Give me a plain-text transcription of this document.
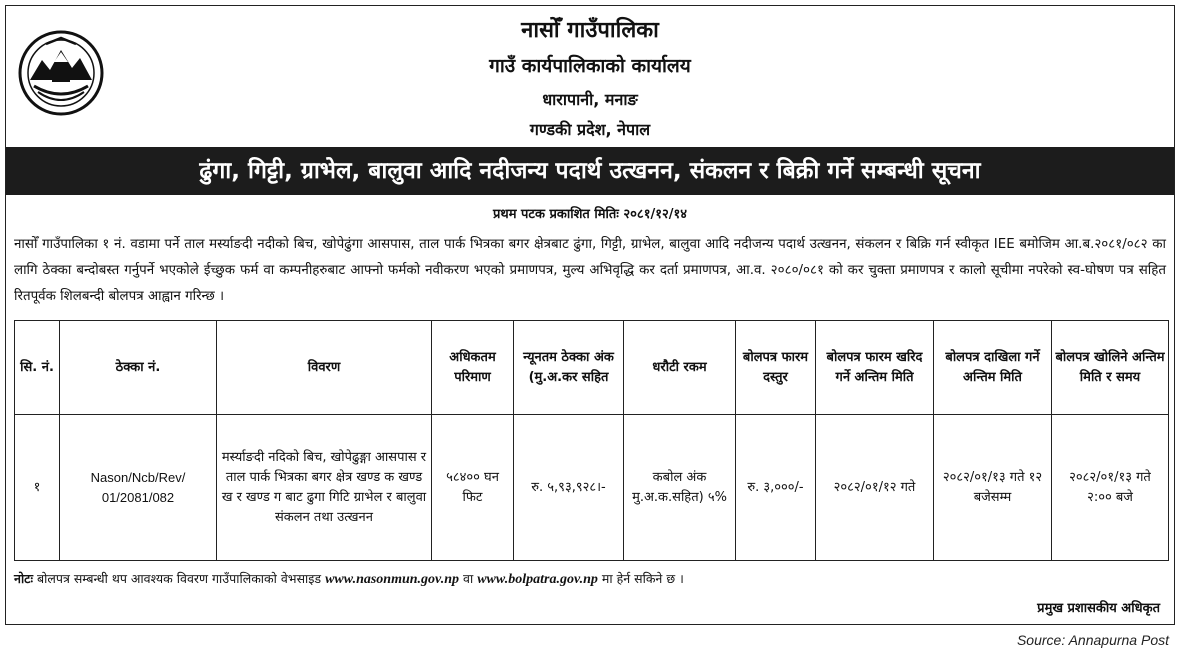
नासोँ गाउँपालिका
गाउँ कार्यपालिकाको कार्यालय
धारापानी, मनाङ
गण्डकी प्रदेश, नेपाल
ढुंगा, गिट्टी, ग्राभेल, बालुवा आदि नदीजन्य पदार्थ उत्खनन, संकलन र बिक्री गर्ने सम्बन्धी सूचना
प्रथम पटक प्रकाशित मितिः २०८१/१२/१४

नासोँ गाउँपालिका १ नं. वडामा पर्ने ताल मर्स्याङदी नदीको बिच, खोपेढुंगा आसपास, ताल पार्क भित्रका बगर क्षेत्रबाट ढुंगा, गिट्टी, ग्राभेल, बालुवा आदि नदीजन्य पदार्थ उत्खनन, संकलन र बिक्रि गर्न स्वीकृत IEE बमोजिम आ.ब.२०८१/०८२ का लागि ठेक्का बन्दोबस्त गर्नुपर्ने भएकोले ईच्छुक फर्म वा कम्पनीहरुबाट आफ्नो फर्मको नवीकरण भएको प्रमाणपत्र, मुल्य अभिवृद्धि कर दर्ता प्रमाणपत्र, आ.व. २०८०/०८१ को कर चुक्ता प्रमाणपत्र र कालो सूचीमा नपरेको स्व-घोषण पत्र सहित रितपूर्वक शिलबन्दी बोलपत्र आह्वान गरिन्छ ।

सि. नं.	ठेक्का नं.	विवरण	अधिकतम परिमाण	न्यूनतम ठेक्का अंक (मु.अ.कर सहित	धरौटी रकम	बोलपत्र फारम दस्तुर	बोलपत्र फारम खरिद गर्ने अन्तिम मिति	बोलपत्र दाखिला गर्ने अन्तिम मिति	बोलपत्र खोलिने अन्तिम मिति र समय
१	Nason/Ncb/Rev/ 01/2081/082	मर्स्याङदी नदिको बिच, खोपेढुङ्गा आसपास र ताल पार्क भित्रका बगर क्षेत्र खण्ड क खण्ड ख र खण्ड ग बाट ढुगा गिटि ग्राभेल र बालुवा संकलन तथा उत्खनन	५८४०० घन फिट	रु. ५,९३,९२८।-	कबोल अंक मु.अ.क.सहित) ५%	रु. ३,०००/-	२०८२/०१/१२ गते	२०८२/०१/१३ गते १२ बजेसम्म	२०८२/०१/१३ गते २:०० बजे
नोटः बोलपत्र सम्बन्धी थप आवश्यक विवरण गाउँपालिकाको वेभसाइड www.nasonmun.gov.np वा www.bolpatra.gov.np मा हेर्न सकिने छ ।
प्रमुख प्रशासकीय अधिकृत
Source: Annapurna Post
